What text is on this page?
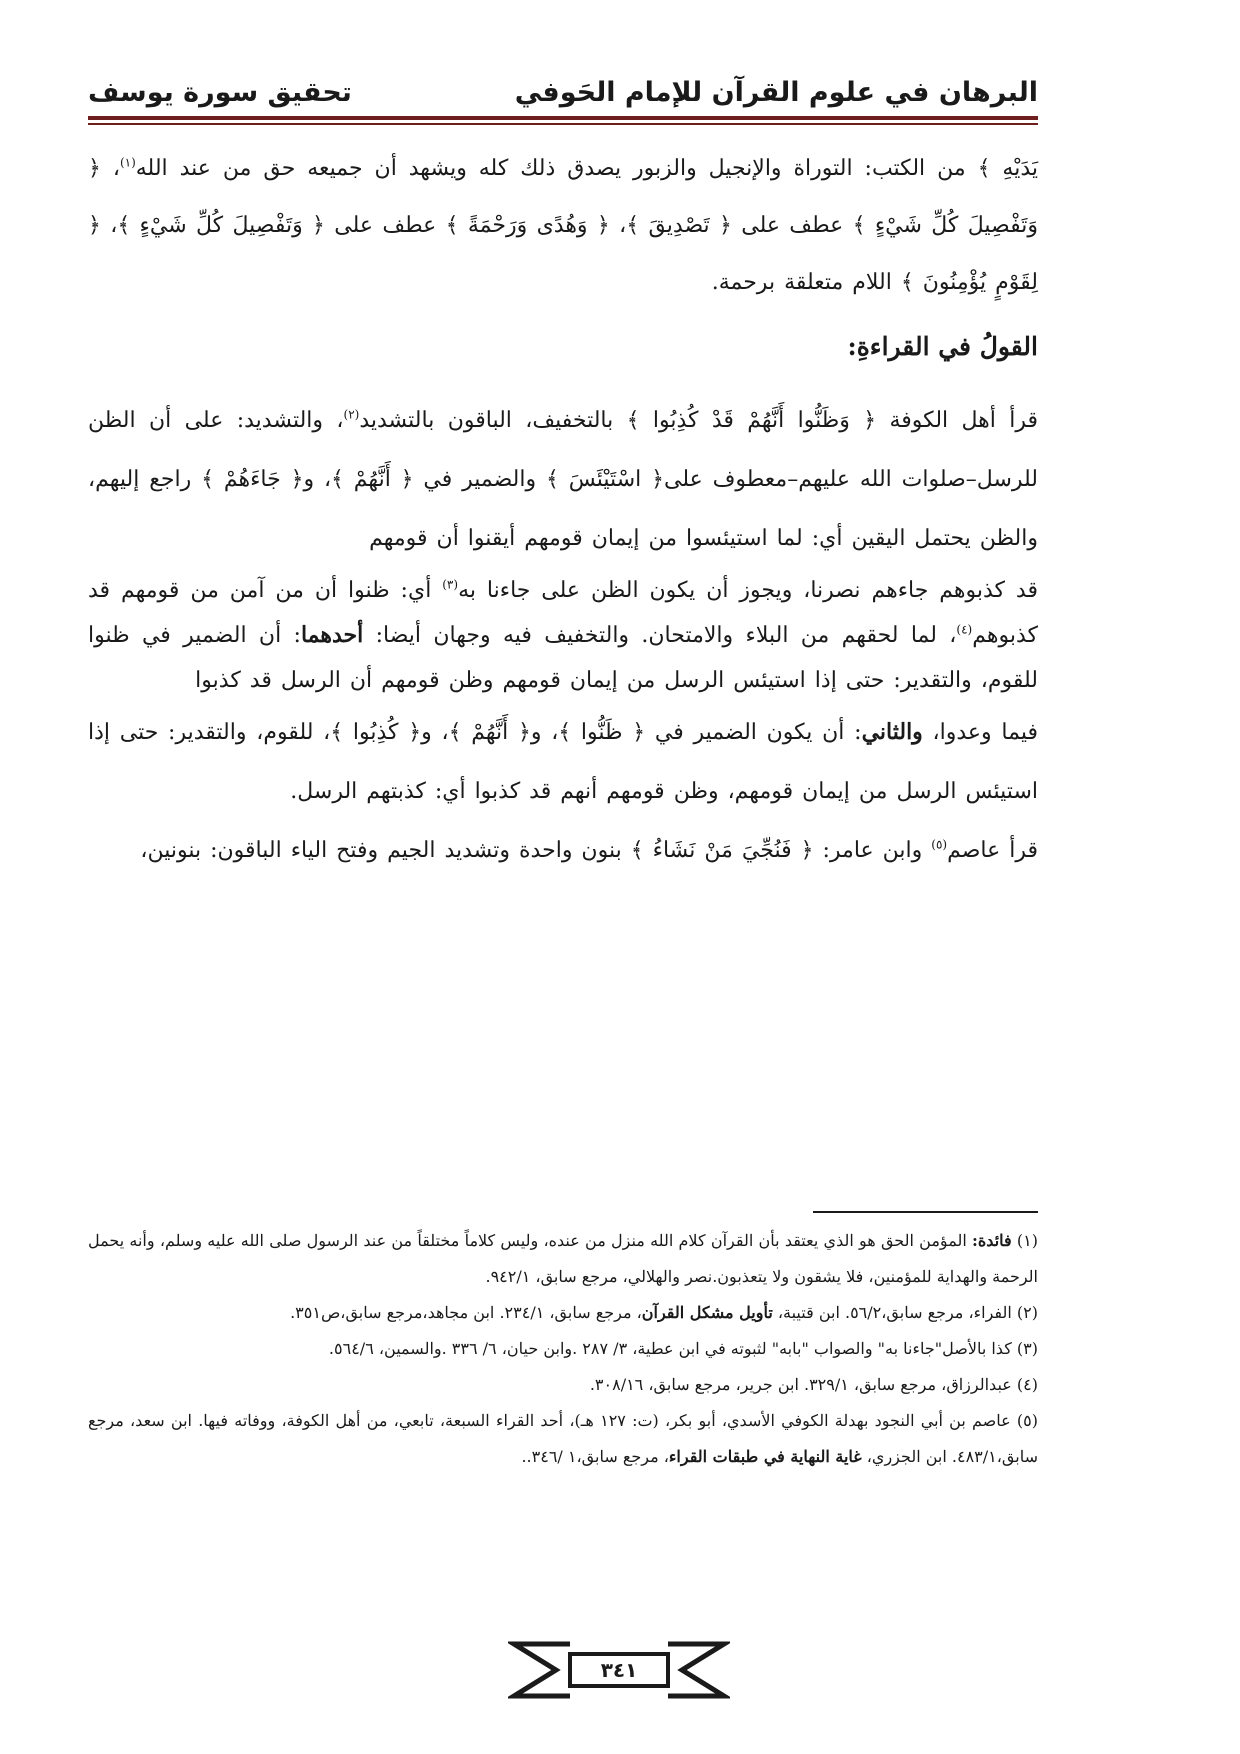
البرهان في علوم القرآن للإمام الحَوفي
تحقيق سورة يوسف

يَدَيْهِ ﴾ من الكتب: التوراة والإنجيل والزبور يصدق ذلك كله ويشهد أن جميعه حق من عند الله$^{(١)}$، ﴿ وَتَفْصِيلَ كُلِّ شَيْءٍ ﴾ عطف على ﴿ تَصْدِيقَ ﴾، ﴿ وَهُدًى وَرَحْمَةً ﴾ عطف على ﴿ وَتَفْصِيلَ كُلِّ شَيْءٍ ﴾، ﴿ لِقَوْمٍ يُؤْمِنُونَ ﴾ اللام متعلقة برحمة.

القولُ في القراءةِ:

قرأ أهل الكوفة ﴿ وَظَنُّوا أَنَّهُمْ قَدْ كُذِبُوا ﴾ بالتخفيف، الباقون بالتشديد$^{(٢)}$، والتشديد: على أن الظن للرسل–صلوات الله عليهم–معطوف على﴿ اسْتَيْئَسَ ﴾ والضمير في ﴿ أَنَّهُمْ ﴾، و﴿ جَاءَهُمْ ﴾ راجع إليهم، والظن يحتمل اليقين أي: لما استيئسوا من إيمان قومهم أيقنوا أن قومهم
قد كذبوهم جاءهم نصرنا، ويجوز أن يكون الظن على جاءنا به$^{(٣)}$ أي: ظنوا أن من آمن من قومهم قد كذبوهم$^{(٤)}$، لما لحقهم من البلاء والامتحان. والتخفيف فيه وجهان أيضا: أحدهما: أن الضمير في ظنوا للقوم، والتقدير: حتى إذا استيئس الرسل من إيمان قومهم وظن قومهم أن الرسل قد كذبوا
فيما وعدوا، والثاني: أن يكون الضمير في ﴿ ظَنُّوا ﴾، و﴿ أَنَّهُمْ ﴾، و﴿ كُذِبُوا ﴾، للقوم، والتقدير: حتى إذا استيئس الرسل من إيمان قومهم، وظن قومهم أنهم قد كذبوا أي: كذبتهم الرسل.
قرأ عاصم$^{(٥)}$ وابن عامر: ﴿ فَنُجِّيَ مَنْ نَشَاءُ ﴾ بنون واحدة وتشديد الجيم وفتح الياء الباقون: بنونين،

(١) فائدة: المؤمن الحق هو الذي يعتقد بأن القرآن كلام الله منزل من عنده، وليس كلاماً مختلقاً من عند الرسول صلى الله عليه وسلم، وأنه يحمل الرحمة والهداية للمؤمنين، فلا يشقون ولا يتعذبون.نصر والهلالي، مرجع سابق، ٩٤٢/١.

(٢) الفراء، مرجع سابق،٥٦/٢. ابن قتيبة، تأويل مشكل القرآن، مرجع سابق، ٢٣٤/١. ابن مجاهد،مرجع سابق،ص٣٥١.

(٣) كذا بالأصل"جاءنا به" والصواب "بابه" لثبوته في ابن عطية، ٣/ ٢٨٧ .وابن حيان، ٦/ ٣٣٦ .والسمين، ٥٦٤/٦.

(٤) عبدالرزاق، مرجع سابق، ٣٢٩/١. ابن جرير، مرجع سابق، ٣٠٨/١٦.

(٥) عاصم بن أبي النجود بهدلة الكوفي الأسدي، أبو بكر، (ت: ١٢٧ هـ)، أحد القراء السبعة، تابعي، من أهل الكوفة، ووفاته فيها. ابن سعد، مرجع سابق،٤٨٣/١. ابن الجزري، غاية النهاية في طبقات القراء، مرجع سابق،١ /٣٤٦..

٣٤١
